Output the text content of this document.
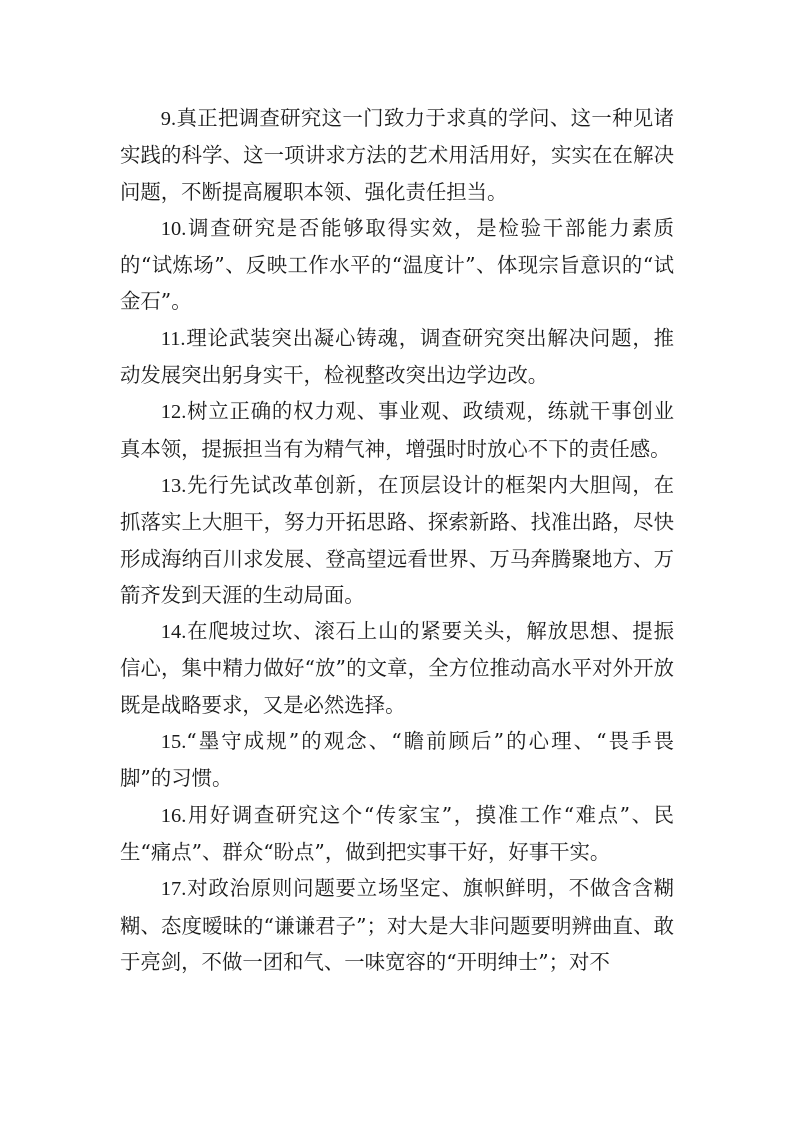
9.真正把调查研究这一门致力于求真的学问、这一种见诸实践的科学、这一项讲求方法的艺术用活用好，实实在在解决问题，不断提高履职本领、强化责任担当。

10.调查研究是否能够取得实效，是检验干部能力素质的“试炼场”、反映工作水平的“温度计”、体现宗旨意识的“试金石”。

11.理论武装突出凝心铸魂，调查研究突出解决问题，推动发展突出躬身实干，检视整改突出边学边改。

12.树立正确的权力观、事业观、政绩观，练就干事创业真本领，提振担当有为精气神，增强时时放心不下的责任感。

13.先行先试改革创新，在顶层设计的框架内大胆闯，在抓落实上大胆干，努力开拓思路、探索新路、找准出路，尽快形成海纳百川求发展、登高望远看世界、万马奔腾聚地方、万箭齐发到天涯的生动局面。

14.在爬坡过坎、滚石上山的紧要关头，解放思想、提振信心，集中精力做好“放”的文章，全方位推动高水平对外开放既是战略要求，又是必然选择。

15.“墨守成规”的观念、“瞻前顾后”的心理、“畏手畏脚”的习惯。

16.用好调查研究这个“传家宝”，摸准工作“难点”、民生“痛点”、群众“盼点”，做到把实事干好，好事干实。

17.对政治原则问题要立场坚定、旗帜鲜明，不做含含糊糊、态度暧昧的“谦谦君子”；对大是大非问题要明辨曲直、敢于亮剑，不做一团和气、一味宽容的“开明绅士”；对不
